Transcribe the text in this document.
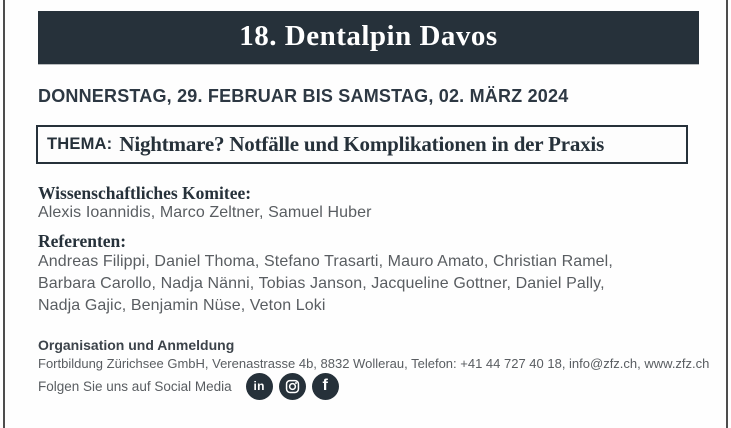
18. Dentalpin Davos
DONNERSTAG, 29. FEBRUAR BIS SAMSTAG, 02. MÄRZ 2024
THEMA: Nightmare? Notfälle und Komplikationen in der Praxis
Wissenschaftliches Komitee:
Alexis Ioannidis, Marco Zeltner, Samuel Huber
Referenten:
Andreas Filippi, Daniel Thoma, Stefano Trasarti, Mauro Amato, Christian Ramel,
Barbara Carollo, Nadja Nänni, Tobias Janson, Jacqueline Gottner, Daniel Pally,
Nadja Gajic, Benjamin Nüse, Veton Loki
Organisation und Anmeldung
Fortbildung Zürichsee GmbH, Verenastrasse 4b, 8832 Wollerau, Telefon: +41 44 727 40 18, info@zfz.ch, www.zfz.ch
Folgen Sie uns auf Social Media in	f
